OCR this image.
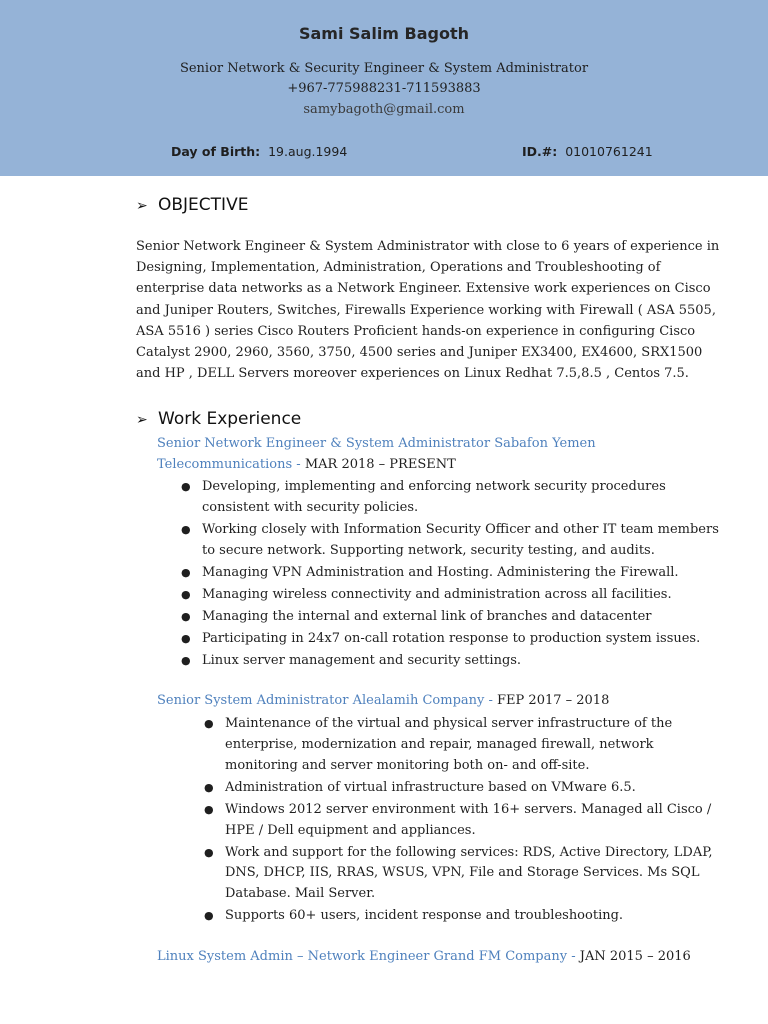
Sami Salim Bagoth
Senior Network & Security Engineer & System Administrator
+967-775988231-711593883
samybagoth@gmail.com
Day of Birth: 19.aug.1994	ID.#: 01010761241
➢ OBJECTIVE
Senior Network Engineer & System Administrator with close to 6 years of experience in Designing, Implementation, Administration, Operations and Troubleshooting of enterprise data networks as a Network Engineer. Extensive work experiences on Cisco and Juniper Routers, Switches, Firewalls Experience working with Firewall ( ASA 5505, ASA 5516 ) series Cisco Routers Proficient hands-on experience in configuring Cisco Catalyst 2900, 2960, 3560, 3750, 4500 series and Juniper EX3400, EX4600, SRX1500 and HP , DELL Servers moreover experiences on Linux Redhat 7.5,8.5 , Centos 7.5.
➢ Work Experience
Senior Network Engineer & System Administrator Sabafon Yemen Telecommunications - MAR 2018 – PRESENT
● Developing, implementing and enforcing network security procedures consistent with security policies.
● Working closely with Information Security Officer and other IT team members to secure network. Supporting network, security testing, and audits.
● Managing VPN Administration and Hosting. Administering the Firewall.
● Managing wireless connectivity and administration across all facilities.
● Managing the internal and external link of branches and datacenter
● Participating in 24x7 on-call rotation response to production system issues.
● Linux server management and security settings.
Senior System Administrator Alealamih Company - FEP 2017 – 2018
● Maintenance of the virtual and physical server infrastructure of the enterprise, modernization and repair, managed firewall, network monitoring and server monitoring both on- and off-site.
● Administration of virtual infrastructure based on VMware 6.5.
● Windows 2012 server environment with 16+ servers. Managed all Cisco / HPE / Dell equipment and appliances.
● Work and support for the following services: RDS, Active Directory, LDAP, DNS, DHCP, IIS, RRAS, WSUS, VPN, File and Storage Services. Ms SQL Database. Mail Server.
● Supports 60+ users, incident response and troubleshooting.
Linux System Admin – Network Engineer Grand FM Company - JAN 2015 – 2016
